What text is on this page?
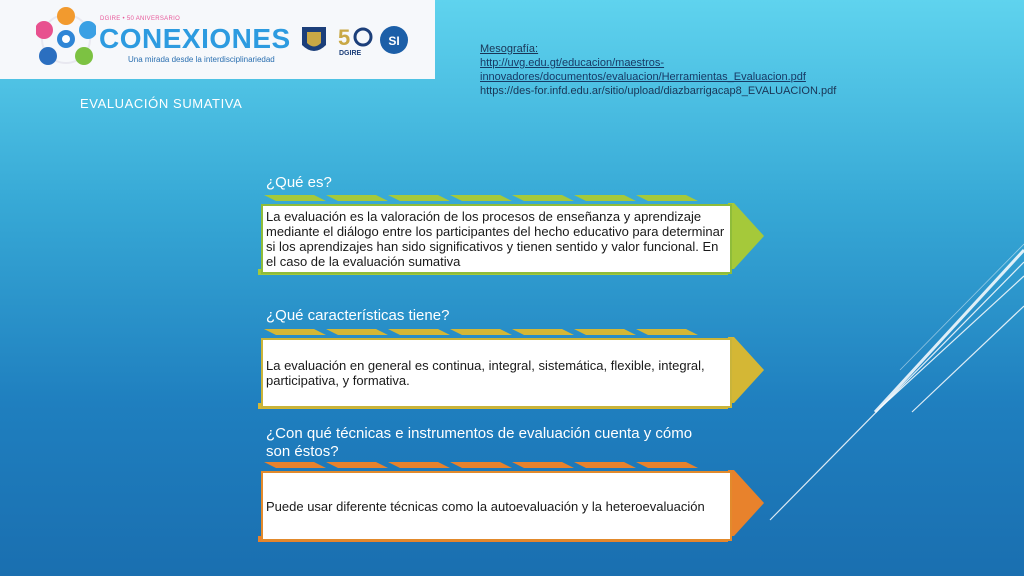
DGIRE • 50 ANIVERSARIO
CONEXIONES
Una mirada desde la interdisciplinariedad
5
DGIRE
SI
Mesografía:
http://uvg.edu.gt/educacion/maestros-
innovadores/documentos/evaluacion/Herramientas_Evaluacion.pdf
https://des-for.infd.edu.ar/sitio/upload/diazbarrigacap8_EVALUACION.pdf
EVALUACIÓN SUMATIVA
¿Qué es?
La evaluación es la valoración de los procesos de enseñanza y aprendizaje mediante el diálogo entre los participantes del hecho educativo para determinar si los aprendizajes han sido significativos y tienen sentido y valor funcional. En el caso de la evaluación sumativa
¿Qué características tiene?
La evaluación en general es continua, integral, sistemática, flexible, integral, participativa, y formativa.
¿Con qué técnicas e instrumentos de evaluación cuenta y cómo son éstos?
Puede usar diferente técnicas como la autoevaluación y la heteroevaluación
